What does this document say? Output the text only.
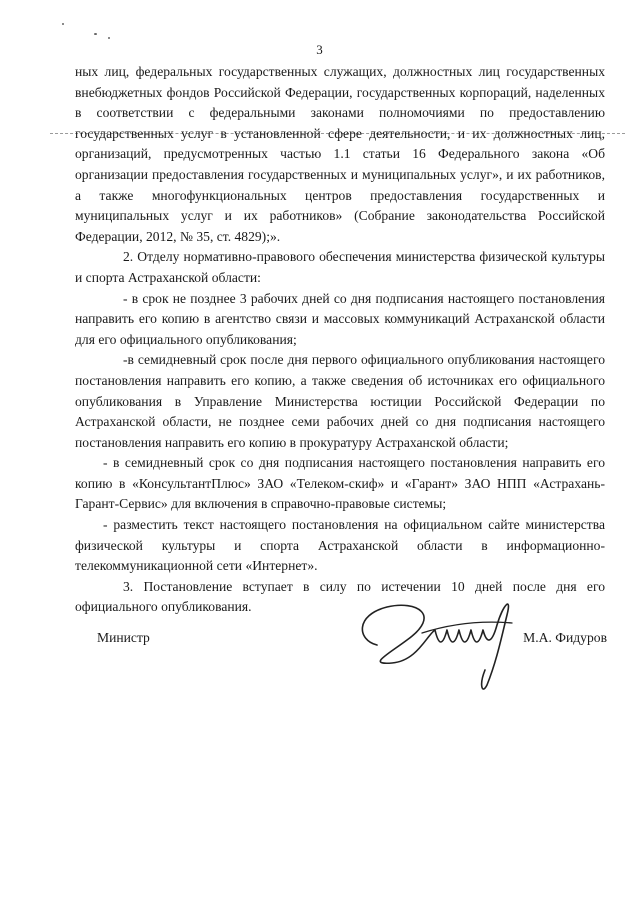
3

ных лиц, федеральных государственных служащих, должностных лиц государственных внебюджетных фондов Российской Федерации, государственных корпораций, наделенных в соответствии с федеральными законами полномочиями по предоставлению государственных услуг в установленной сфере деятельности, и их должностных лиц, организаций, предусмотренных частью 1.1 статьи 16 Федерального закона «Об организации предоставления государственных и муниципальных услуг», и их работников, а также многофункциональных центров предоставления государственных и муниципальных услуг и их работников» (Собрание законодательства Российской Федерации, 2012, № 35, ст. 4829);».

2. Отделу нормативно-правового обеспечения министерства физической культуры и спорта Астраханской области:

- в срок не позднее 3 рабочих дней со дня подписания настоящего постановления направить его копию в агентство связи и массовых коммуникаций Астраханской области для его официального опубликования;

-в семидневный срок после дня первого официального опубликования настоящего постановления направить его копию, а также сведения об источниках его официального опубликования в Управление Министерства юстиции Российской Федерации по Астраханской области, не позднее семи рабочих дней со дня подписания настоящего постановления направить его копию в прокуратуру Астраханской области;

- в семидневный срок со дня подписания настоящего постановления направить его копию в «КонсультантПлюс» ЗАО «Телеком-скиф» и «Гарант» ЗАО НПП «Астрахань-Гарант-Сервис» для включения в справочно-правовые системы;

- разместить текст настоящего постановления на официальном сайте министерства физической культуры и спорта Астраханской области в информационно-телекоммуникационной сети «Интернет».

3. Постановление вступает в силу по истечении 10 дней после дня его официального опубликования.

Министр	М.А. Фидуров
